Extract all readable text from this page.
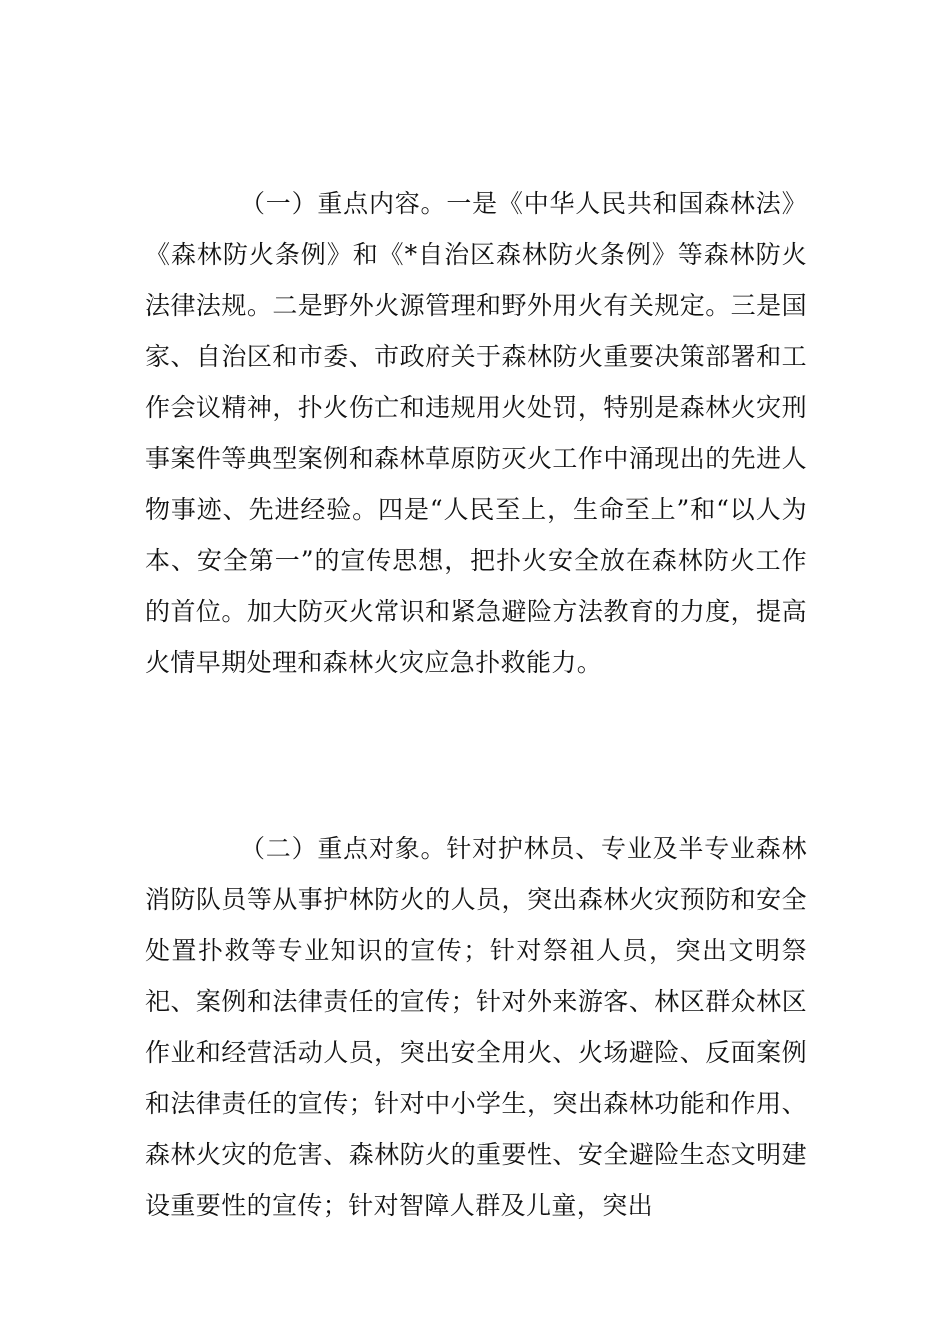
（一）重点内容。一是《中华人民共和国森林法》《森林防火条例》和《*自治区森林防火条例》等森林防火法律法规。二是野外火源管理和野外用火有关规定。三是国家、自治区和市委、市政府关于森林防火重要决策部署和工作会议精神，扑火伤亡和违规用火处罚，特别是森林火灾刑事案件等典型案例和森林草原防灭火工作中涌现出的先进人物事迹、先进经验。四是“人民至上，生命至上”和“以人为本、安全第一”的宣传思想，把扑火安全放在森林防火工作的首位。加大防灭火常识和紧急避险方法教育的力度，提高火情早期处理和森林火灾应急扑救能力。

（二）重点对象。针对护林员、专业及半专业森林消防队员等从事护林防火的人员，突出森林火灾预防和安全处置扑救等专业知识的宣传；针对祭祖人员，突出文明祭祀、案例和法律责任的宣传；针对外来游客、林区群众林区作业和经营活动人员，突出安全用火、火场避险、反面案例和法律责任的宣传；针对中小学生，突出森林功能和作用、森林火灾的危害、森林防火的重要性、安全避险生态文明建设重要性的宣传；针对智障人群及儿童，突出
